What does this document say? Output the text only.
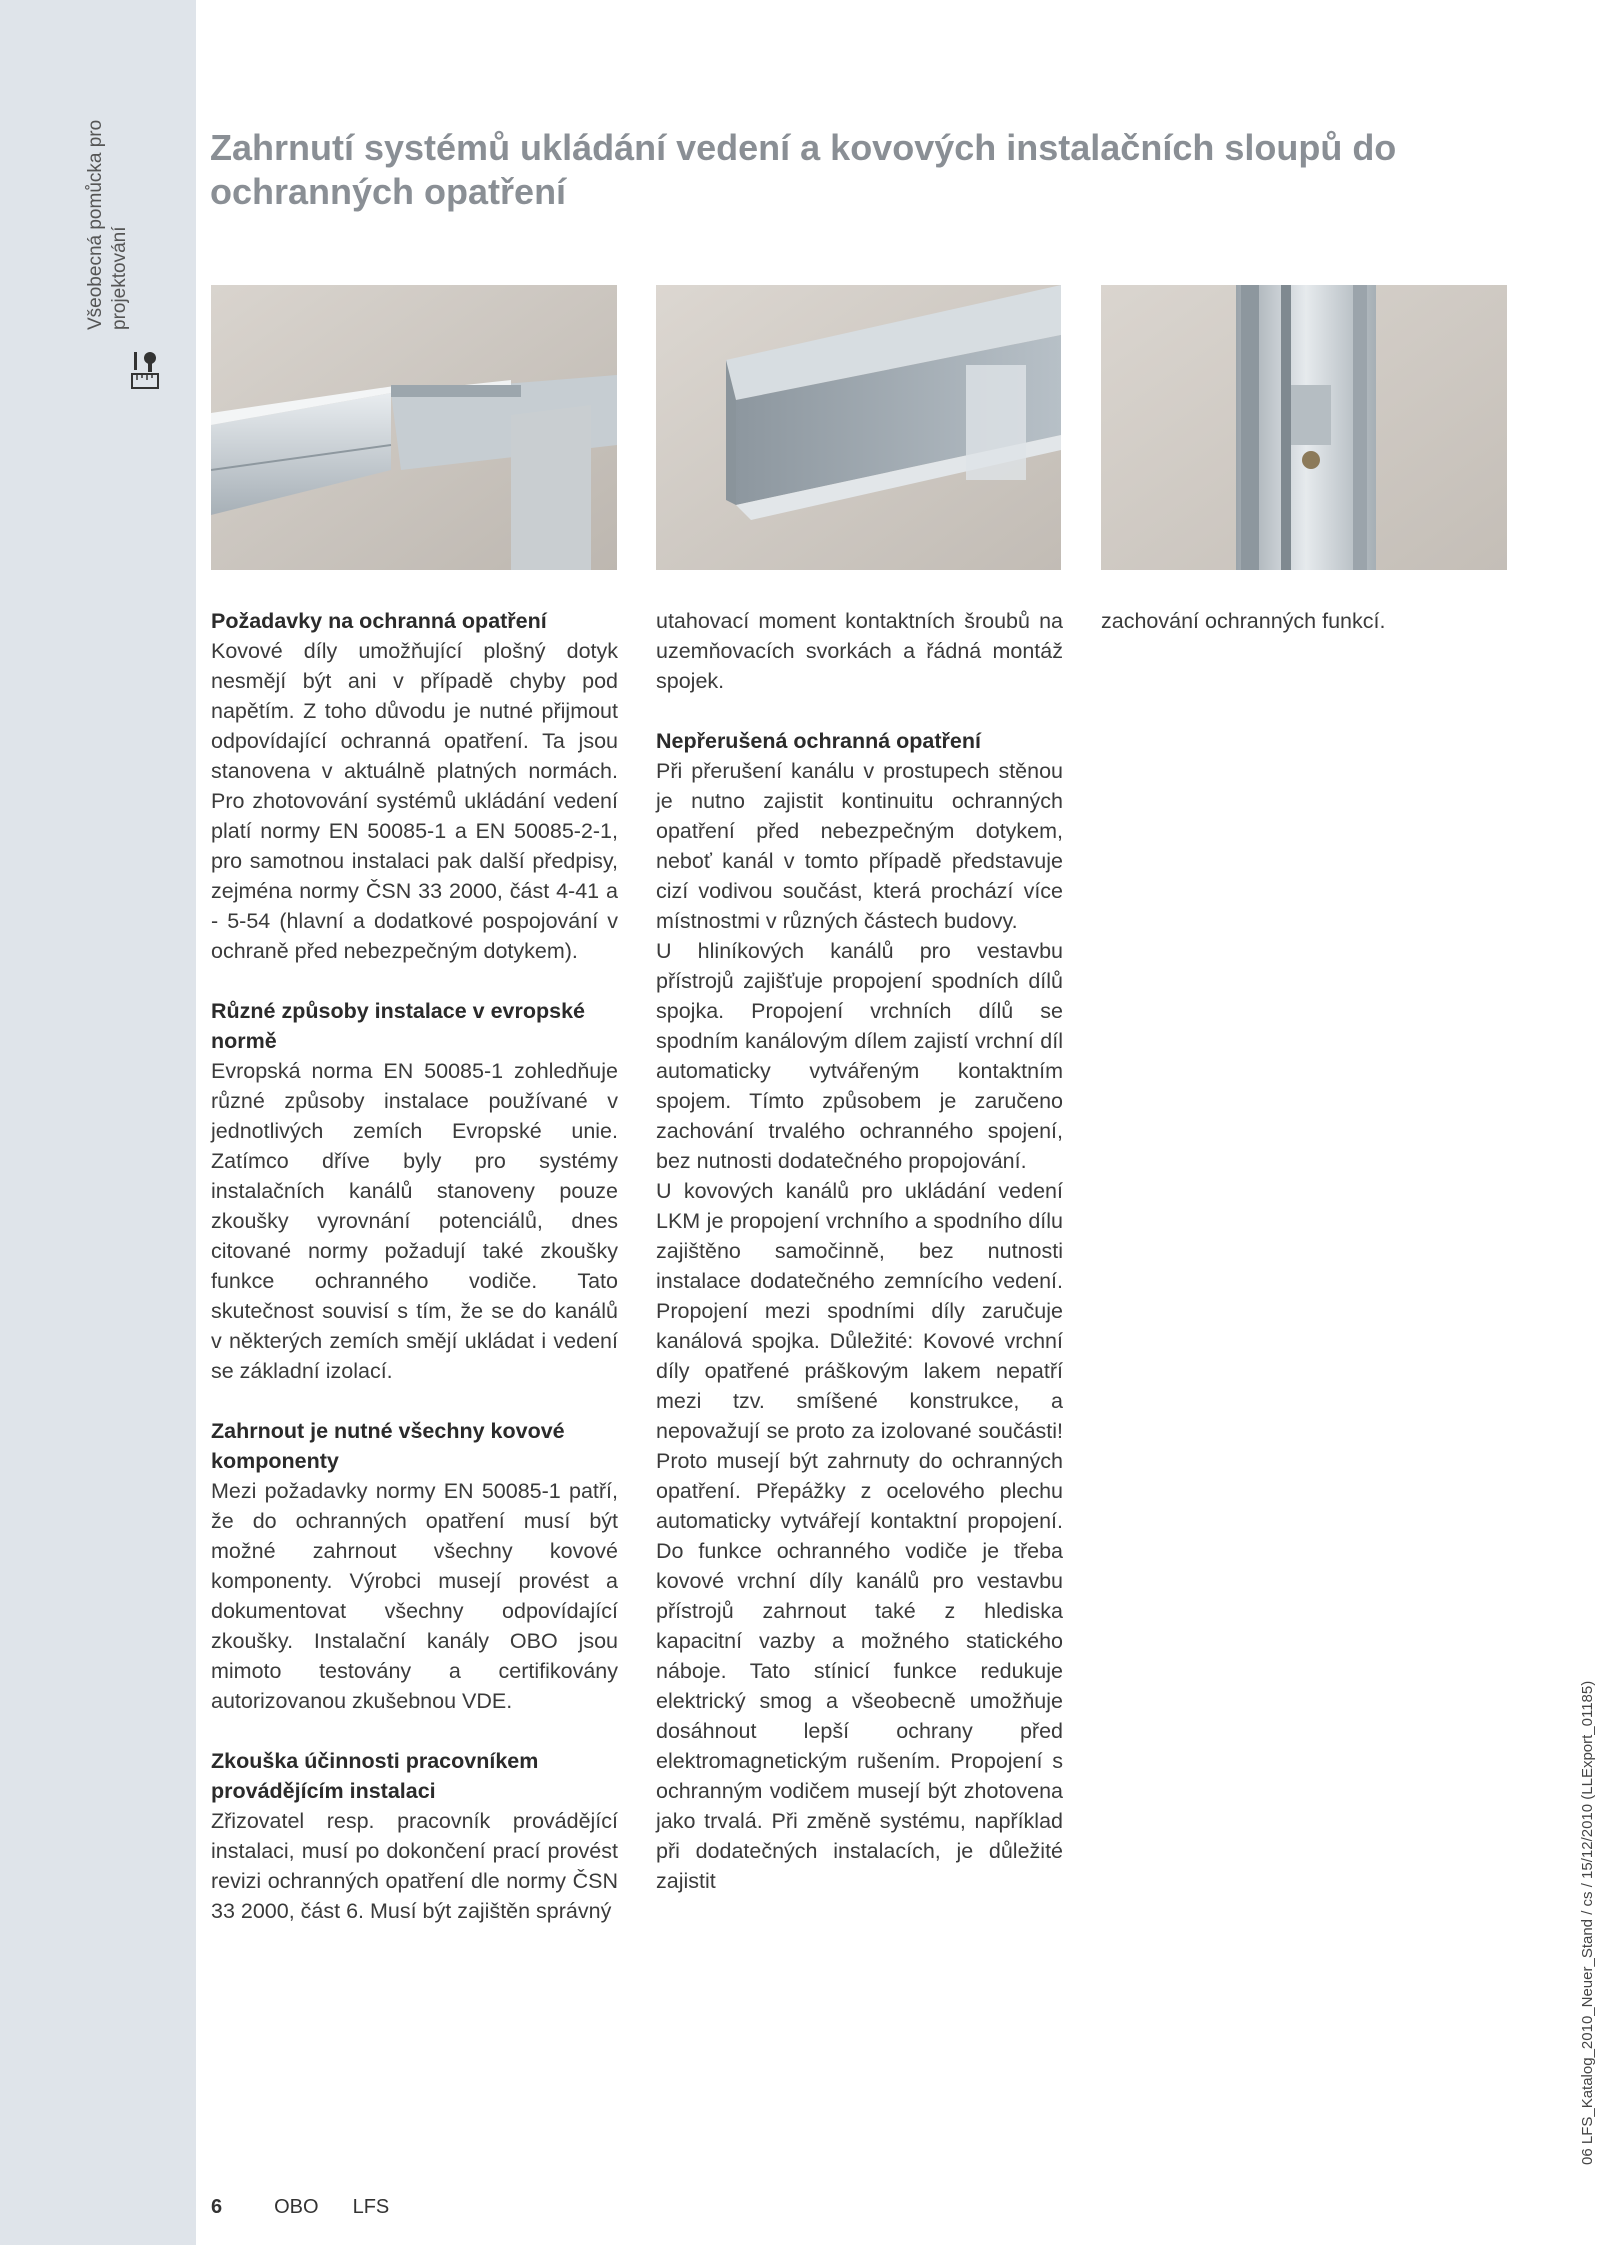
Všeobecná pomůcka pro projektování
Zahrnutí systémů ukládání vedení a kovových instalačních sloupů do ochranných opatření
Požadavky na ochranná opatření

Kovové díly umožňující plošný dotyk nesmějí být ani v případě chyby pod napětím. Z toho důvodu je nutné přijmout odpovídající ochranná opatření. Ta jsou stanovena v aktuálně platných normách. Pro zhotovování systémů ukládání vedení platí normy EN 50085-1 a EN 50085-2-1, pro samotnou instalaci pak další předpisy, zejména normy ČSN 33 2000, část 4-41 a - 5-54 (hlavní a dodatkové pospojování v ochraně před nebezpečným dotykem).

Různé způsoby instalace v evropské normě

Evropská norma EN 50085-1 zohledňuje různé způsoby instalace používané v jednotlivých zemích Evropské unie. Zatímco dříve byly pro systémy instalačních kanálů stanoveny pouze zkoušky vyrovnání potenciálů, dnes citované normy požadují také zkoušky funkce ochranného vodiče. Tato skutečnost souvisí s tím, že se do kanálů v některých zemích smějí ukládat i vedení se základní izolací.

Zahrnout je nutné všechny kovové komponenty

Mezi požadavky normy EN 50085-1 patří, že do ochranných opatření musí být možné zahrnout všechny kovové komponenty. Výrobci musejí provést a dokumentovat všechny odpovídající zkoušky. Instalační kanály OBO jsou mimoto testovány a certifikovány autorizovanou zkušebnou VDE.

Zkouška účinnosti pracovníkem provádějícím instalaci

Zřizovatel resp. pracovník provádějící instalaci, musí po dokončení prací provést revizi ochranných opatření dle normy ČSN 33 2000, část 6. Musí být zajištěn správný

utahovací moment kontaktních šroubů na uzemňovacích svorkách a řádná montáž spojek.

Nepřerušená ochranná opatření

Při přerušení kanálu v prostupech stěnou je nutno zajistit kontinuitu ochranných opatření před nebezpečným dotykem, neboť kanál v tomto případě představuje cizí vodivou součást, která prochází více místnostmi v různých částech budovy.

U hliníkových kanálů pro vestavbu přístrojů zajišťuje propojení spodních dílů spojka. Propojení vrchních dílů se spodním kanálovým dílem zajistí vrchní díl automaticky vytvářeným kontaktním spojem. Tímto způsobem je zaručeno zachování trvalého ochranného spojení, bez nutnosti dodatečného propojování.

U kovových kanálů pro ukládání vedení LKM je propojení vrchního a spodního dílu zajištěno samočinně, bez nutnosti instalace dodatečného zemnícího vedení. Propojení mezi spodními díly zaručuje kanálová spojka. Důležité: Kovové vrchní díly opatřené práškovým lakem nepatří mezi tzv. smíšené konstrukce, a nepovažují se proto za izolované součásti! Proto musejí být zahrnuty do ochranných opatření. Přepážky z ocelového plechu automaticky vytvářejí kontaktní propojení. Do funkce ochranného vodiče je třeba kovové vrchní díly kanálů pro vestavbu přístrojů zahrnout také z hlediska kapacitní vazby a možného statického náboje. Tato stínicí funkce redukuje elektrický smog a všeobecně umožňuje dosáhnout lepší ochrany před elektromagnetickým rušením. Propojení s ochranným vodičem musejí být zhotovena jako trvalá. Při změně systému, například při dodatečných instalacích, je důležité zajistit

zachování ochranných funkcí.

6	OBO LFS
06 LFS_Katalog_2010_Neuer_Stand / cs / 15/12/2010 (LLExport_01185)
